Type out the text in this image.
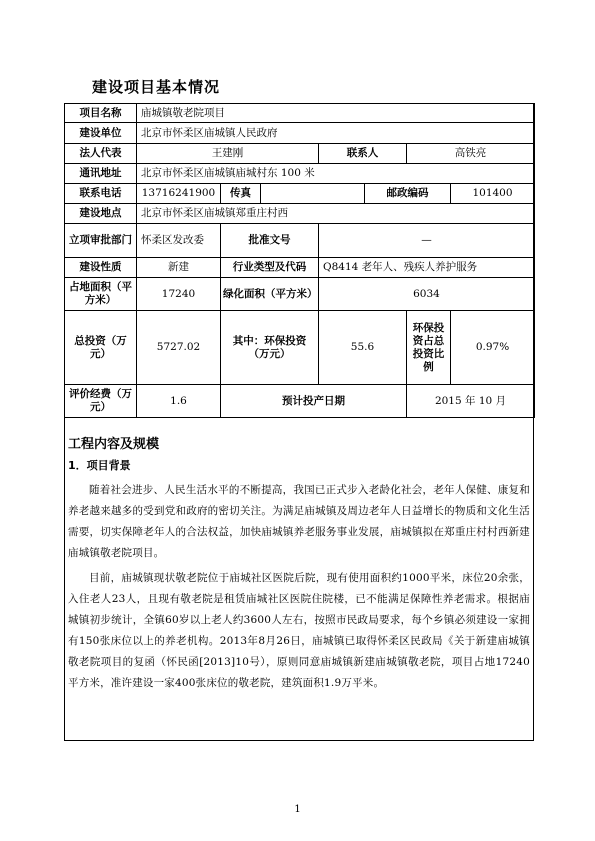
建设项目基本情况
项目名称	庙城镇敬老院项目						
建设单位	北京市怀柔区庙城镇人民政府						
法人代表	王建刚			联系人		高铁亮	
通讯地址	北京市怀柔区庙城镇庙城村东 100 米						
联系电话	13716241900	传真			邮政编码		101400
建设地点	北京市怀柔区庙城镇郑重庄村西						
立项审批部门	怀柔区发改委	批准文号		—			
建设性质	新建	行业类型及代码		Q8414 老年人、残疾人养护服务			
占地面积（平方米）	17240	绿化面积（平方米）		6034			
总投资（万元）	5727.02	其中：环保投资（万元）		55.6		环保投资占总投资比例	0.97%
评价经费（万元）	1.6	预计投产日期				2015 年 10 月	
工程内容及规模
1．项目背景

随着社会进步、人民生活水平的不断提高，我国已正式步入老龄化社会，老年人保健、康复和养老越来越多的受到党和政府的密切关注。为满足庙城镇及周边老年人日益增长的物质和文化生活需要，切实保障老年人的合法权益，加快庙城镇养老服务事业发展，庙城镇拟在郑重庄村村西新建庙城镇敬老院项目。

目前，庙城镇现状敬老院位于庙城社区医院后院，现有使用面积约1000平米，床位20余张，入住老人23人，且现有敬老院是租赁庙城社区医院住院楼，已不能满足保障性养老需求。根据庙城镇初步统计，全镇60岁以上老人约3600人左右，按照市民政局要求，每个乡镇必须建设一家拥有150张床位以上的养老机构。2013年8月26日，庙城镇已取得怀柔区民政局《关于新建庙城镇敬老院项目的复函（怀民函[2013]10号），原则同意庙城镇新建庙城镇敬老院，项目占地17240平方米，准许建设一家400张床位的敬老院，建筑面积1.9万平米。

1
